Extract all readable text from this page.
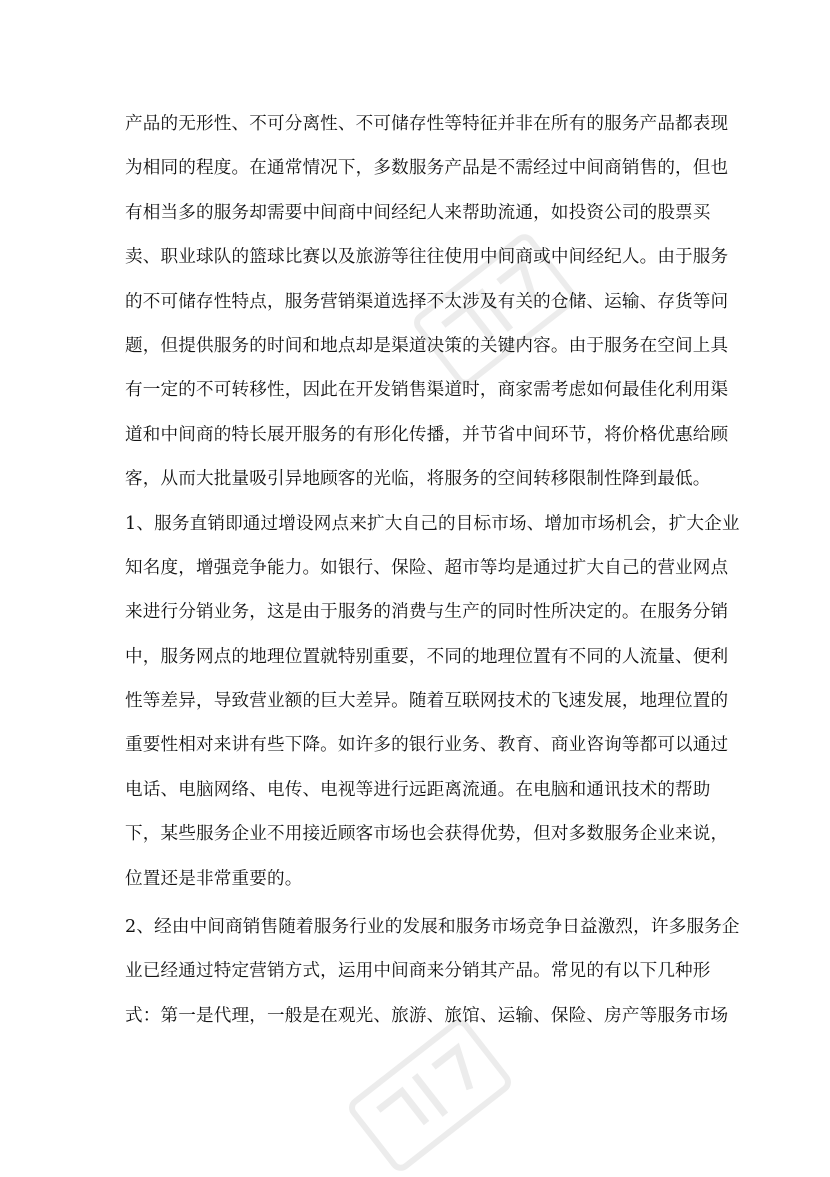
产品的无形性、不可分离性、不可储存性等特征并非在所有的服务产品都表现
为相同的程度。在通常情况下，多数服务产品是不需经过中间商销售的，但也
有相当多的服务却需要中间商中间经纪人来帮助流通，如投资公司的股票买
卖、职业球队的篮球比赛以及旅游等往往使用中间商或中间经纪人。由于服务
的不可储存性特点，服务营销渠道选择不太涉及有关的仓储、运输、存货等问
题，但提供服务的时间和地点却是渠道决策的关键内容。由于服务在空间上具
有一定的不可转移性，因此在开发销售渠道时，商家需考虑如何最佳化利用渠
道和中间商的特长展开服务的有形化传播，并节省中间环节，将价格优惠给顾
客，从而大批量吸引异地顾客的光临，将服务的空间转移限制性降到最低。
1、服务直销即通过增设网点来扩大自己的目标市场、增加市场机会，扩大企业
知名度，增强竞争能力。如银行、保险、超市等均是通过扩大自己的营业网点
来进行分销业务，这是由于服务的消费与生产的同时性所决定的。在服务分销
中，服务网点的地理位置就特别重要，不同的地理位置有不同的人流量、便利
性等差异，导致营业额的巨大差异。随着互联网技术的飞速发展，地理位置的
重要性相对来讲有些下降。如许多的银行业务、教育、商业咨询等都可以通过
电话、电脑网络、电传、电视等进行远距离流通。在电脑和通讯技术的帮助
下，某些服务企业不用接近顾客市场也会获得优势，但对多数服务企业来说，
位置还是非常重要的。
2、经由中间商销售随着服务行业的发展和服务市场竞争日益激烈，许多服务企
业已经通过特定营销方式，运用中间商来分销其产品。常见的有以下几种形
式：第一是代理，一般是在观光、旅游、旅馆、运输、保险、房产等服务市场
